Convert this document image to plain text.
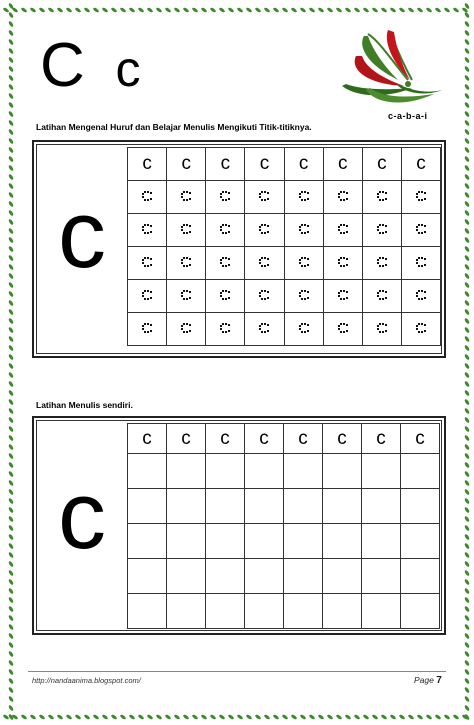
C c
c-a-b-a-i
Latihan Mengenal Huruf dan Belajar Menulis Mengikuti Titik-titiknya.
c
c	c	c	c	c	c	c	c

Latihan Menulis sendiri.
c
c	c	c	c	c	c	c	c

http://nandaanima.blogspot.com/	Page 7
